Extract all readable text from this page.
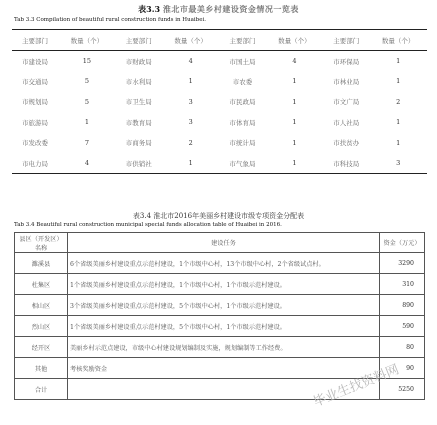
表3.3 淮北市最美乡村建设资金情况一览表
Tab 3.3 Compilation of beautiful rural construction funds in Huaibei.
主要部门	数量（个）	主要部门	数量（个）	主要部门	数量（个）	主要部门	数量（个）
市建设局	15	市财政局	4	市国土局	4	市环保局	1
市交通局	5	市水利局	1	市农委	1	市林业局	1
市规划局	5	市卫生局	3	市民政局	1	市文广局	2
市旅游局	1	市教育局	3	市体育局	1	市人社局	1
市发改委	7	市商务局	2	市统计局	1	市扶贫办	1
市电力局	4	市供销社	1	市气象局	1	市科技局	3
表3.4 淮北市2016年美丽乡村建设市级专项资金分配表
Tab 3.4 Beautiful rural construction municipal special funds allocation table of Huaibei in 2016.
县区（开发区）名称	建设任务	资金（万元）
濉溪县	6个省级美丽乡村建设重点示范村建设，1个市级中心村，13个市级中心村，2个省级试点村。	3290
杜集区	1个省级美丽乡村建设重点示范村建设，1个市级中心村，1个市级示范村建设。	310
相山区	3个省级美丽乡村建设重点示范村建设，5个市级中心村，1个市级示范村建设。	890
烈山区	1个省级美丽乡村建设重点示范村建设，5个市级中心村，1个市级示范村建设。	590
经开区	美丽乡村示范点建设，市级中心村建设规划编制及实施，规划编制等工作经费。	80
其他	考核奖励资金	90
合计		5250
毕业生找资料网
